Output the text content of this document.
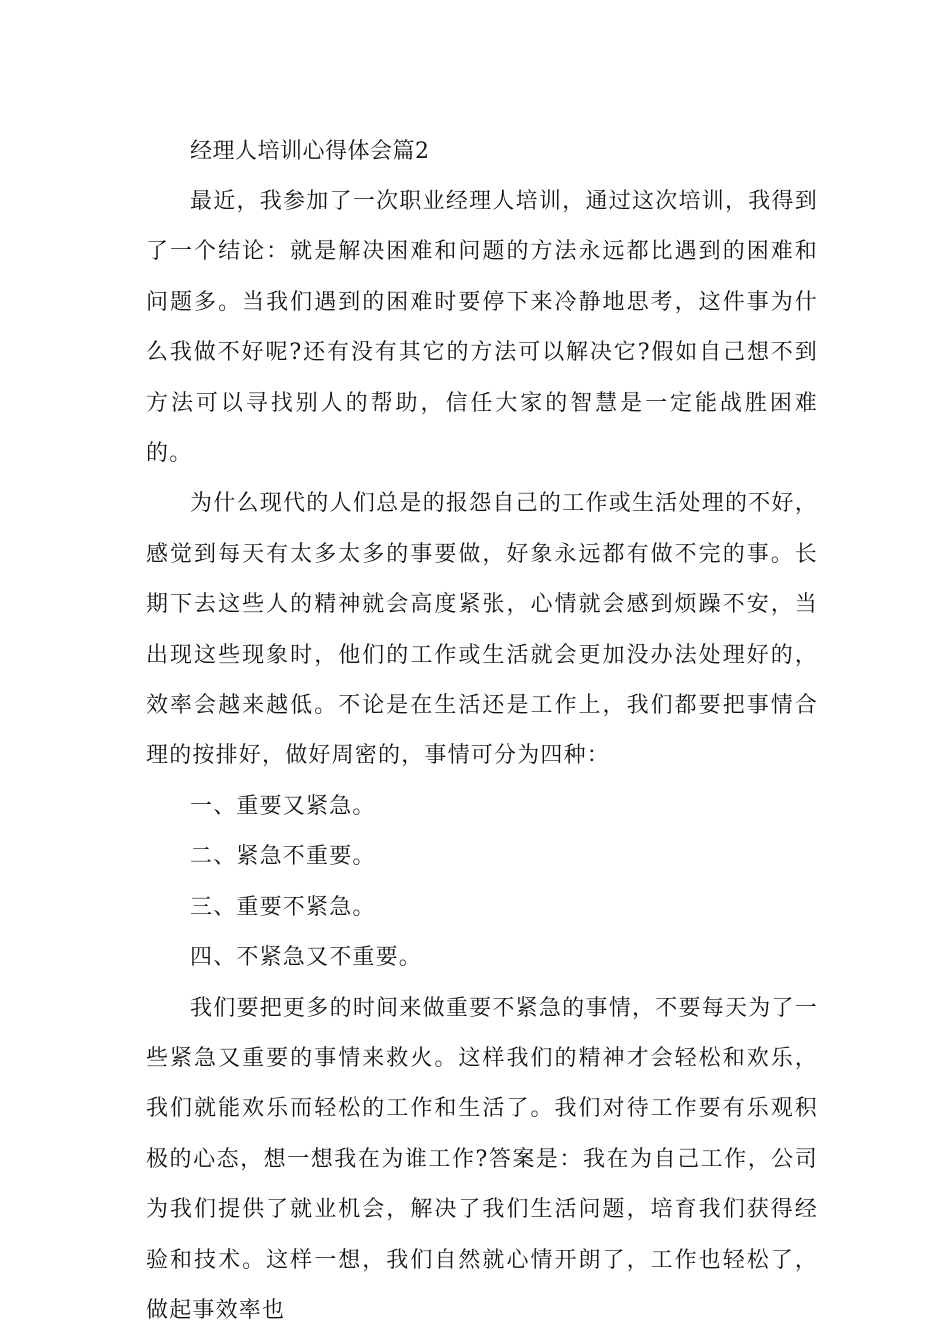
经理人培训心得体会篇2

最近，我参加了一次职业经理人培训，通过这次培训，我得到了一个结论：就是解决困难和问题的方法永远都比遇到的困难和问题多。当我们遇到的困难时要停下来冷静地思考，这件事为什么我做不好呢?还有没有其它的方法可以解决它?假如自己想不到方法可以寻找别人的帮助，信任大家的智慧是一定能战胜困难的。

为什么现代的人们总是的报怨自己的工作或生活处理的不好，感觉到每天有太多太多的事要做，好象永远都有做不完的事。长期下去这些人的精神就会高度紧张，心情就会感到烦躁不安，当出现这些现象时，他们的工作或生活就会更加没办法处理好的，效率会越来越低。不论是在生活还是工作上，我们都要把事情合理的按排好，做好周密的，事情可分为四种：

一、重要又紧急。

二、紧急不重要。

三、重要不紧急。

四、不紧急又不重要。

我们要把更多的时间来做重要不紧急的事情，不要每天为了一些紧急又重要的事情来救火。这样我们的精神才会轻松和欢乐，我们就能欢乐而轻松的工作和生活了。我们对待工作要有乐观积极的心态，想一想我在为谁工作?答案是：我在为自己工作，公司为我们提供了就业机会，解决了我们生活问题，培育我们获得经验和技术。这样一想，我们自然就心情开朗了，工作也轻松了，做起事效率也
